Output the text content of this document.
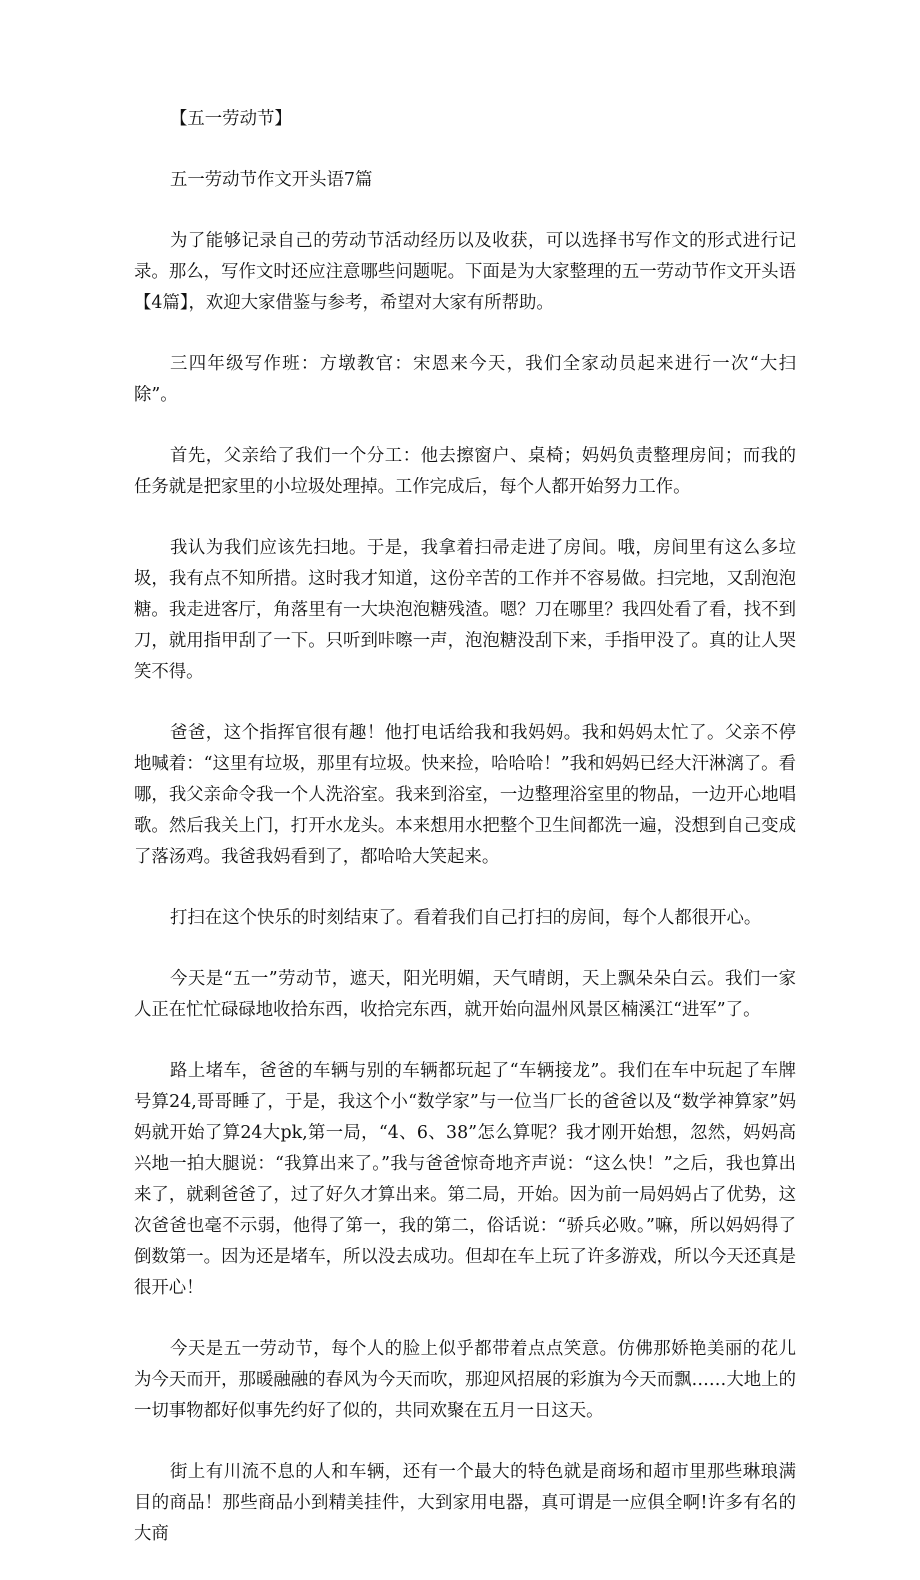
【五一劳动节】

五一劳动节作文开头语7篇

为了能够记录自己的劳动节活动经历以及收获，可以选择书写作文的形式进行记录。那么，写作文时还应注意哪些问题呢。下面是为大家整理的五一劳动节作文开头语【4篇】，欢迎大家借鉴与参考，希望对大家有所帮助。

三四年级写作班：方墩教官：宋恩来今天，我们全家动员起来进行一次“大扫除”。

首先，父亲给了我们一个分工：他去擦窗户、桌椅；妈妈负责整理房间；而我的任务就是把家里的小垃圾处理掉。工作完成后，每个人都开始努力工作。

我认为我们应该先扫地。于是，我拿着扫帚走进了房间。哦，房间里有这么多垃圾，我有点不知所措。这时我才知道，这份辛苦的工作并不容易做。扫完地，又刮泡泡糖。我走进客厅，角落里有一大块泡泡糖残渣。嗯？刀在哪里？我四处看了看，找不到刀，就用指甲刮了一下。只听到咔嚓一声，泡泡糖没刮下来，手指甲没了。真的让人哭笑不得。

爸爸，这个指挥官很有趣！他打电话给我和我妈妈。我和妈妈太忙了。父亲不停地喊着：“这里有垃圾，那里有垃圾。快来捡，哈哈哈！”我和妈妈已经大汗淋漓了。看哪，我父亲命令我一个人洗浴室。我来到浴室，一边整理浴室里的物品，一边开心地唱歌。然后我关上门，打开水龙头。本来想用水把整个卫生间都洗一遍，没想到自己变成了落汤鸡。我爸我妈看到了，都哈哈大笑起来。

打扫在这个快乐的时刻结束了。看着我们自己打扫的房间，每个人都很开心。

今天是“五一”劳动节，遮天，阳光明媚，天气晴朗，天上飘朵朵白云。我们一家人正在忙忙碌碌地收拾东西，收拾完东西，就开始向温州风景区楠溪江“进军”了。

路上堵车，爸爸的车辆与别的车辆都玩起了“车辆接龙”。我们在车中玩起了车牌号算24,哥哥睡了，于是，我这个小“数学家”与一位当厂长的爸爸以及“数学神算家”妈妈就开始了算24大pk,第一局，“4、6、38”怎么算呢？我才刚开始想，忽然，妈妈高兴地一拍大腿说：“我算出来了。”我与爸爸惊奇地齐声说：“这么快！”之后，我也算出来了，就剩爸爸了，过了好久才算出来。第二局，开始。因为前一局妈妈占了优势，这次爸爸也毫不示弱，他得了第一，我的第二，俗话说：“骄兵必败。”嘛，所以妈妈得了倒数第一。因为还是堵车，所以没去成功。但却在车上玩了许多游戏，所以今天还真是很开心！

今天是五一劳动节，每个人的脸上似乎都带着点点笑意。仿佛那娇艳美丽的花儿为今天而开，那暖融融的春风为今天而吹，那迎风招展的彩旗为今天而飘……大地上的一切事物都好似事先约好了似的，共同欢聚在五月一日这天。

街上有川流不息的人和车辆，还有一个最大的特色就是商场和超市里那些琳琅满目的商品！那些商品小到精美挂件，大到家用电器，真可谓是一应俱全啊!许多有名的大商
